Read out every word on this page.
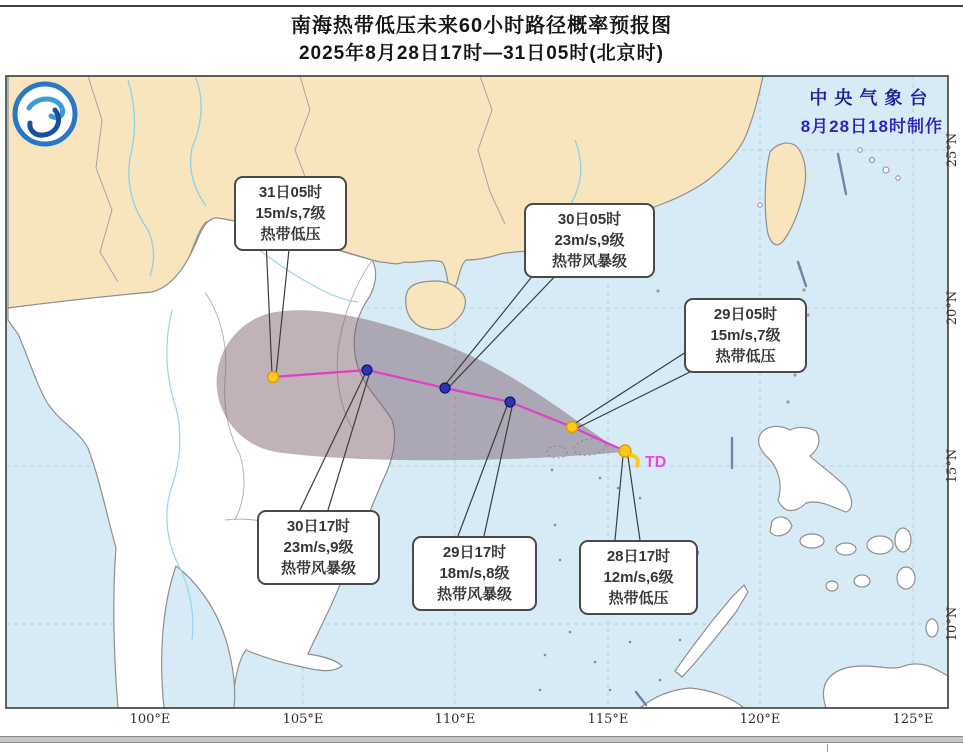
南海热带低压未来60小时路径概率预报图
2025年8月28日17时—31日05时(北京时)
TD
100°E	105°E	110°E	115°E	120°E	125°E
25°N
20°N
15°N
10°N
中央气象台
8月28日18时制作
31日05时
15m/s,7级
热带低压
30日05时
23m/s,9级
热带风暴级
29日05时
15m/s,7级
热带低压
30日17时
23m/s,9级
热带风暴级
29日17时
18m/s,8级
热带风暴级
28日17时
12m/s,6级
热带低压
